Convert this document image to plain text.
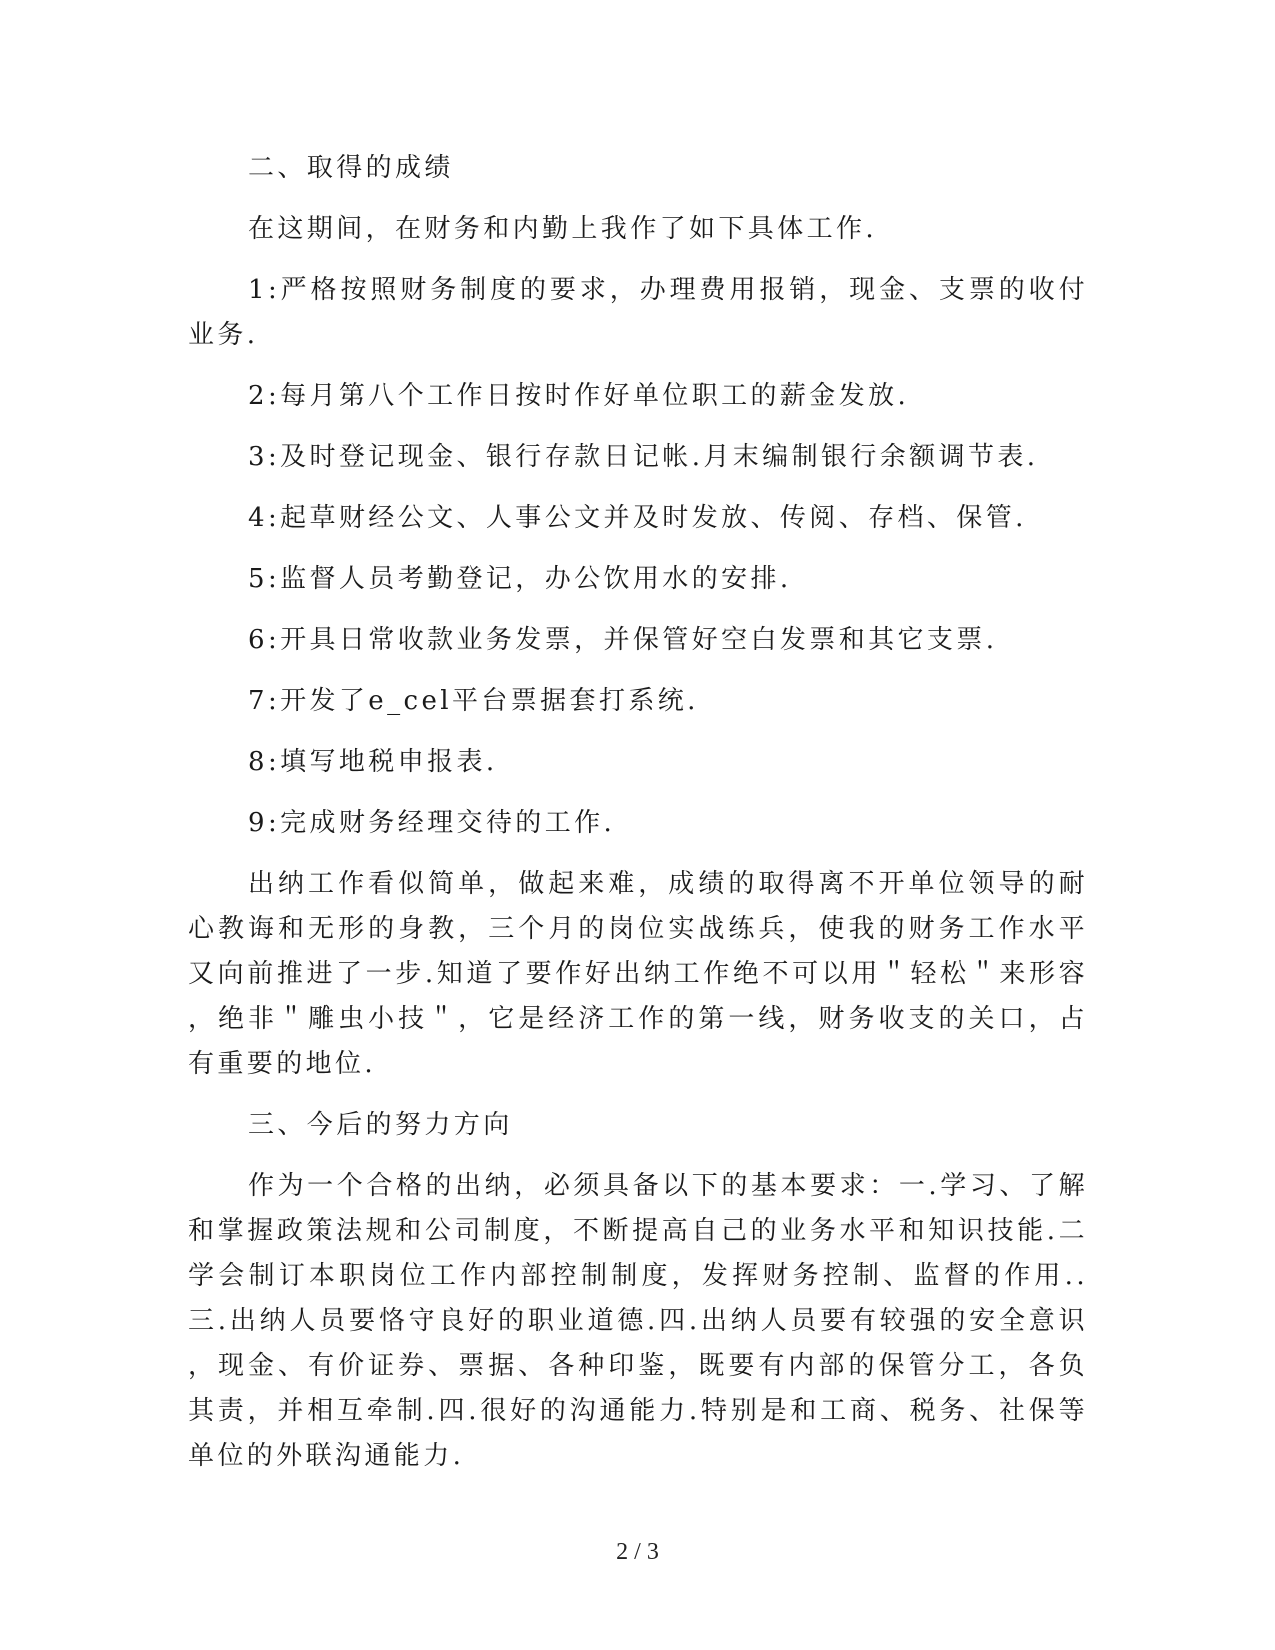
二、取得的成绩

在这期间，在财务和内勤上我作了如下具体工作.

1:严格按照财务制度的要求，办理费用报销，现金、支票的收付业务.

2:每月第八个工作日按时作好单位职工的薪金发放.

3:及时登记现金、银行存款日记帐.月末编制银行余额调节表.

4:起草财经公文、人事公文并及时发放、传阅、存档、保管.

5:监督人员考勤登记，办公饮用水的安排.

6:开具日常收款业务发票，并保管好空白发票和其它支票.

7:开发了e_cel平台票据套打系统.

8:填写地税申报表.

9:完成财务经理交待的工作.

出纳工作看似简单，做起来难，成绩的取得离不开单位领导的耐心教诲和无形的身教，三个月的岗位实战练兵，使我的财务工作水平又向前推进了一步.知道了要作好出纳工作绝不可以用＂轻松＂来形容，绝非＂雕虫小技＂，它是经济工作的第一线，财务收支的关口，占有重要的地位.

三、今后的努力方向

作为一个合格的出纳，必须具备以下的基本要求：一.学习、了解和掌握政策法规和公司制度，不断提高自己的业务水平和知识技能.二学会制订本职岗位工作内部控制制度，发挥财务控制、监督的作用..三.出纳人员要恪守良好的职业道德.四.出纳人员要有较强的安全意识，现金、有价证券、票据、各种印鉴，既要有内部的保管分工，各负其责，并相互牵制.四.很好的沟通能力.特别是和工商、税务、社保等单位的外联沟通能力.

2 / 3
